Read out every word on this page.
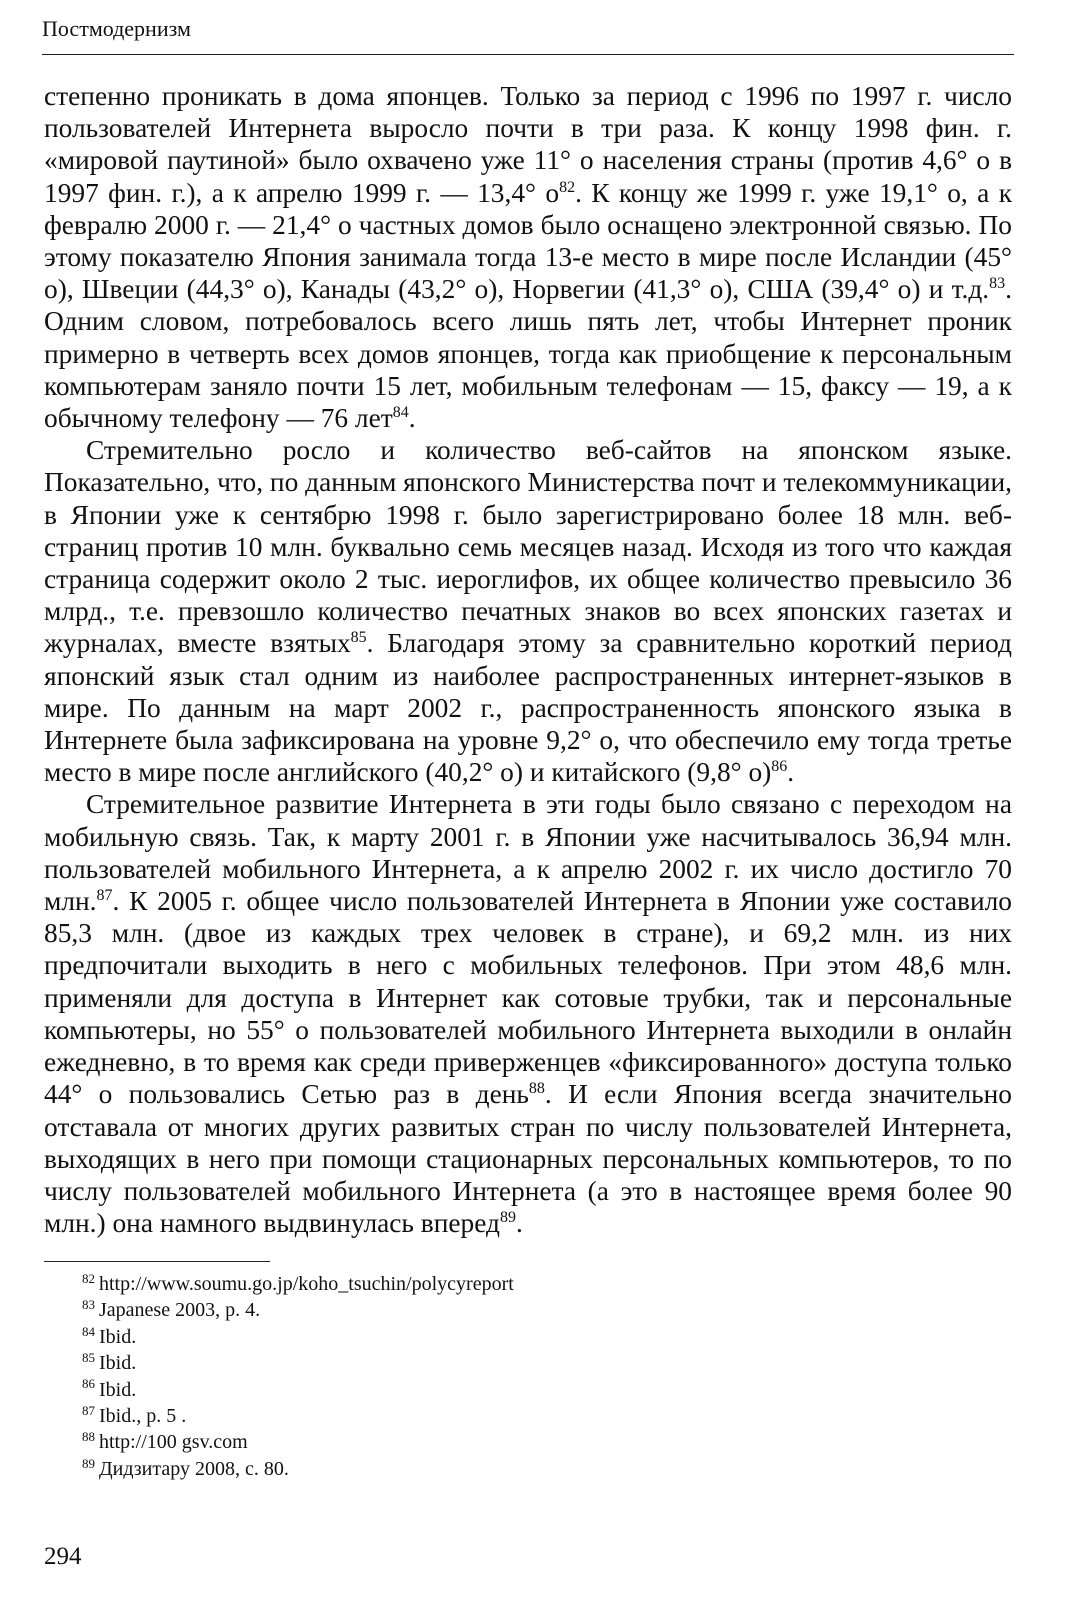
Постмодернизм

степенно проникать в дома японцев. Только за период с 1996 по 1997 г. число пользователей Интернета выросло почти в три раза. К концу 1998 фин. г. «мировой паутиной» было охвачено уже 11° о населения страны (против 4,6° о в 1997 фин. г.), а к апрелю 1999 г. — 13,4° $о^{82}$. К концу же 1999 г. уже 19,1° о, а к февралю 2000 г. — 21,4° о частных домов было оснащено электронной связью. По этому показателю Япония занимала тогда 13-е место в мире после Исландии (45° о), Швеции (44,3° о), Канады (43,2° о), Норвегии (41,3° о), США (39,4° о) и т.д.$^{83}$. Одним словом, потребовалось всего лишь пять лет, чтобы Интернет проник примерно в четверть всех домов японцев, тогда как приобщение к персональным компьютерам заняло почти 15 лет, мобильным телефонам — 15, факсу — 19, а к обычному телефону — 76 лет$^{84}$.

Стремительно росло и количество веб-сайтов на японском языке. Показательно, что, по данным японского Министерства почт и телекоммуникации, в Японии уже к сентябрю 1998 г. было зарегистрировано более 18 млн. веб-страниц против 10 млн. буквально семь месяцев назад. Исходя из того что каждая страница содержит около 2 тыс. иероглифов, их общее количество превысило 36 млрд., т.е. превзошло количество печатных знаков во всех японских газетах и журналах, вместе взятых$^{85}$. Благодаря этому за сравнительно короткий период японский язык стал одним из наиболее распространенных интернет-языков в мире. По данным на март 2002 г., распространенность японского языка в Интернете была зафиксирована на уровне 9,2° о, что обеспечило ему тогда третье место в мире после английского (40,2° о) и китайского (9,8° о)$^{86}$.

Стремительное развитие Интернета в эти годы было связано с переходом на мобильную связь. Так, к марту 2001 г. в Японии уже насчитывалось 36,94 млн. пользователей мобильного Интернета, а к апрелю 2002 г. их число достигло 70 млн.$^{87}$. К 2005 г. общее число пользователей Интернета в Японии уже составило 85,3 млн. (двое из каждых трех человек в стране), и 69,2 млн. из них предпочитали выходить в него с мобильных телефонов. При этом 48,6 млн. применяли для доступа в Интернет как сотовые трубки, так и персональные компьютеры, но 55° о пользователей мобильного Интернета выходили в онлайн ежедневно, в то время как среди приверженцев «фиксированного» доступа только 44° о пользовались Сетью раз в день$^{88}$. И если Япония всегда значительно отставала от многих других развитых стран по числу пользователей Интернета, выходящих в него при помощи стационарных персональных компьютеров, то по числу пользователей мобильного Интернета (а это в настоящее время более 90 млн.) она намного выдвинулась вперед$^{89}$.

$^{82}$ http://www.soumu.go.jp/koho_tsuchin/polycyreport
$^{83}$ Japanese 2003, p. 4.
$^{84}$ Ibid.
$^{85}$ Ibid.
$^{86}$ Ibid.
$^{87}$ Ibid., p. 5 .
$^{88}$ http://100 gsv.com
$^{89}$ Дидзитару 2008, с. 80.
294
